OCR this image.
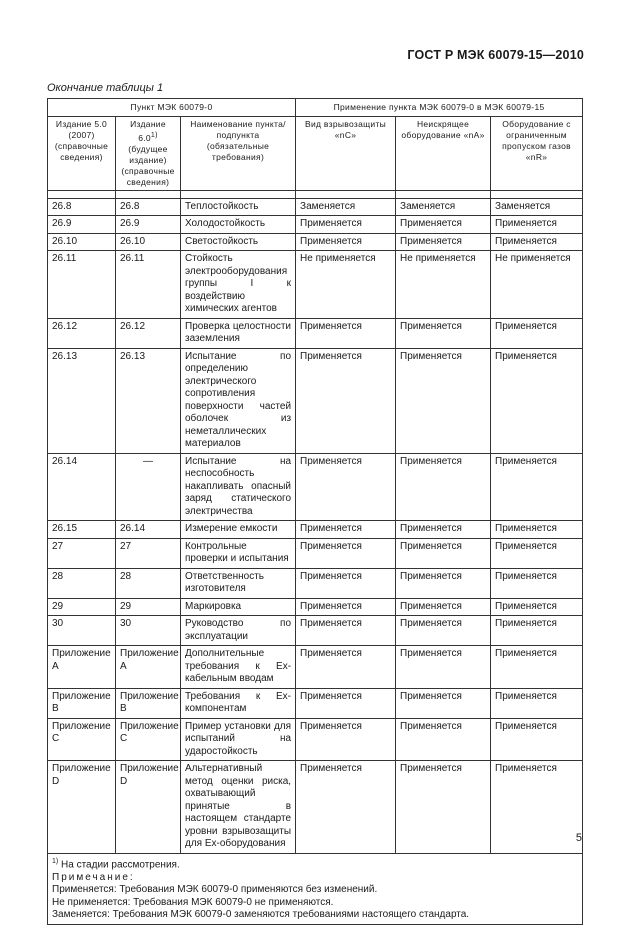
ГОСТ Р МЭК 60079-15—2010
Окончание таблицы 1
Пункт МЭК 60079-0			Применение пункта МЭК 60079-0 в МЭК 60079-15		
Издание 5.0 (2007) (справочные сведения)	Издание 6.0$^{1)}$ (будущее издание) (справочные сведения)	Наименование пункта/подпункта (обязательные требования)	Вид взрывозащиты «nC»	Неискрящее оборудование «nA»	Оборудование с ограниченным пропуском газов «nR»

26.8	26.8	Теплостойкость	Заменяется	Заменяется	Заменяется
26.9	26.9	Холодостойкость	Применяется	Применяется	Применяется
26.10	26.10	Светостойкость	Применяется	Применяется	Применяется
26.11	26.11	Стойкость электрооборудования группы I к воздействию химических агентов	Не применяется	Не применяется	Не применяется
26.12	26.12	Проверка целостности заземления	Применяется	Применяется	Применяется
26.13	26.13	Испытание по определению электрического сопротивления поверхности частей оболочек из неметаллических материалов	Применяется	Применяется	Применяется
26.14	—	Испытание на неспособность накапливать опасный заряд статического электричества	Применяется	Применяется	Применяется
26.15	26.14	Измерение емкости	Применяется	Применяется	Применяется
27	27	Контрольные проверки и испытания	Применяется	Применяется	Применяется
28	28	Ответственность изготовителя	Применяется	Применяется	Применяется
29	29	Маркировка	Применяется	Применяется	Применяется
30	30	Руководство по эксплуатации	Применяется	Применяется	Применяется
Приложение А	Приложение А	Дополнительные требования к Ex-кабельным вводам	Применяется	Применяется	Применяется
Приложение В	Приложение В	Требования к Ex-компонентам	Применяется	Применяется	Применяется
Приложение С	Приложение С	Пример установки для испытаний на ударостойкость	Применяется	Применяется	Применяется
Приложение D	Приложение D	Альтернативный метод оценки риска, охватывающий принятые в настоящем стандарте уровни взрывозащиты для Ex-оборудования	Применяется	Применяется	Применяется

$^{1)}$ На стадии рассмотрения.
Примечание:
Применяется: Требования МЭК 60079-0 применяются без изменений.
Не применяется: Требования МЭК 60079-0 не применяются.
Заменяется: Требования МЭК 60079-0 заменяются требованиями настоящего стандарта.					
5
